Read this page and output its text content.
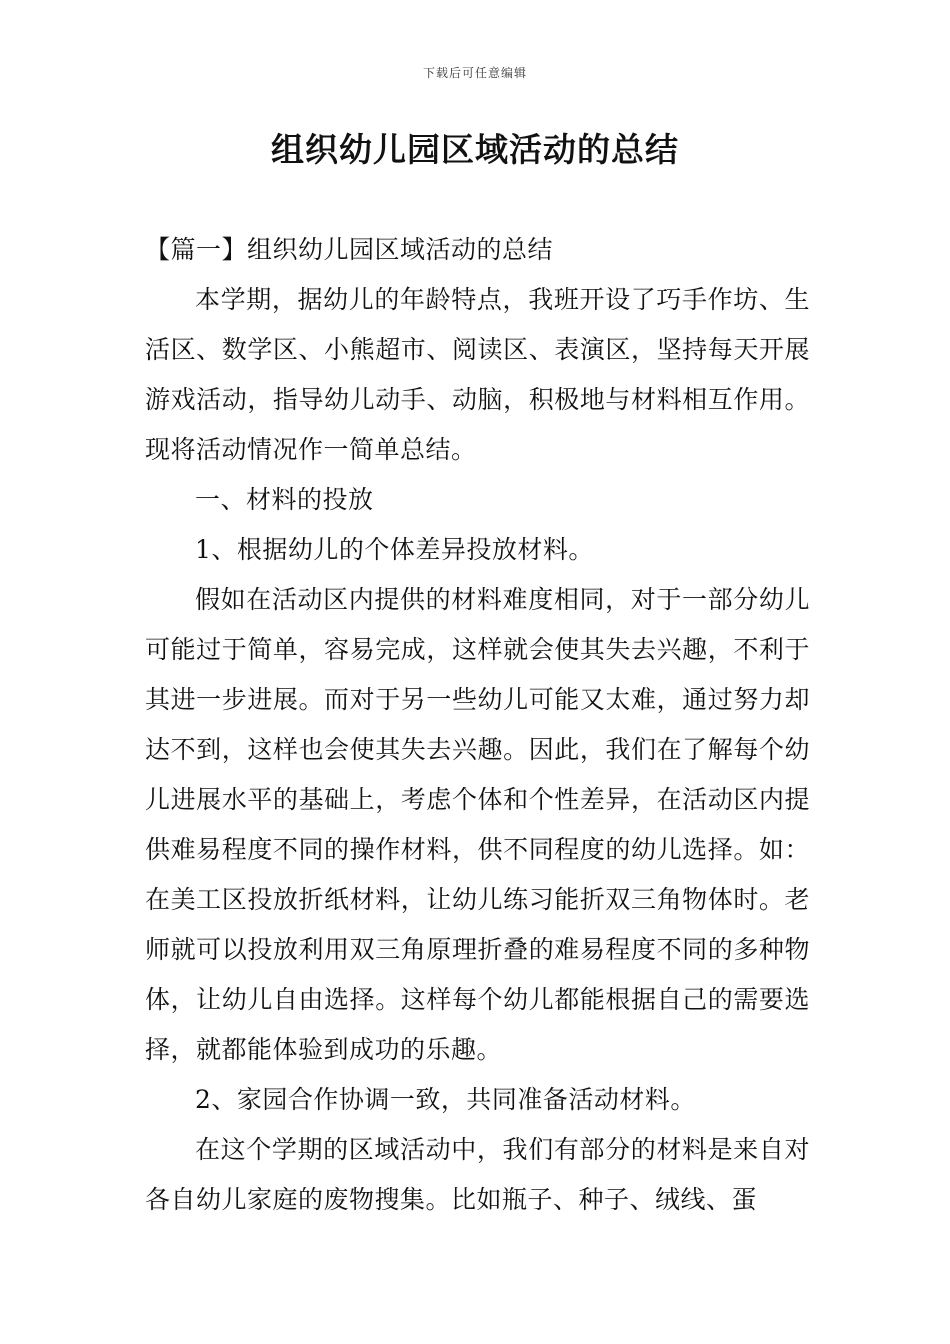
下载后可任意编辑
组织幼儿园区域活动的总结

【篇一】组织幼儿园区域活动的总结

本学期，据幼儿的年龄特点，我班开设了巧手作坊、生活区、数学区、小熊超市、阅读区、表演区，坚持每天开展游戏活动，指导幼儿动手、动脑，积极地与材料相互作用。现将活动情况作一简单总结。

一、材料的投放

1、根据幼儿的个体差异投放材料。

假如在活动区内提供的材料难度相同，对于一部分幼儿可能过于简单，容易完成，这样就会使其失去兴趣，不利于其进一步进展。而对于另一些幼儿可能又太难，通过努力却达不到，这样也会使其失去兴趣。因此，我们在了解每个幼儿进展水平的基础上，考虑个体和个性差异，在活动区内提供难易程度不同的操作材料，供不同程度的幼儿选择。如：在美工区投放折纸材料，让幼儿练习能折双三角物体时。老师就可以投放利用双三角原理折叠的难易程度不同的多种物体，让幼儿自由选择。这样每个幼儿都能根据自己的需要选择，就都能体验到成功的乐趣。

2、家园合作协调一致，共同准备活动材料。

在这个学期的区域活动中，我们有部分的材料是来自对各自幼儿家庭的废物搜集。比如瓶子、种子、绒线、蛋
